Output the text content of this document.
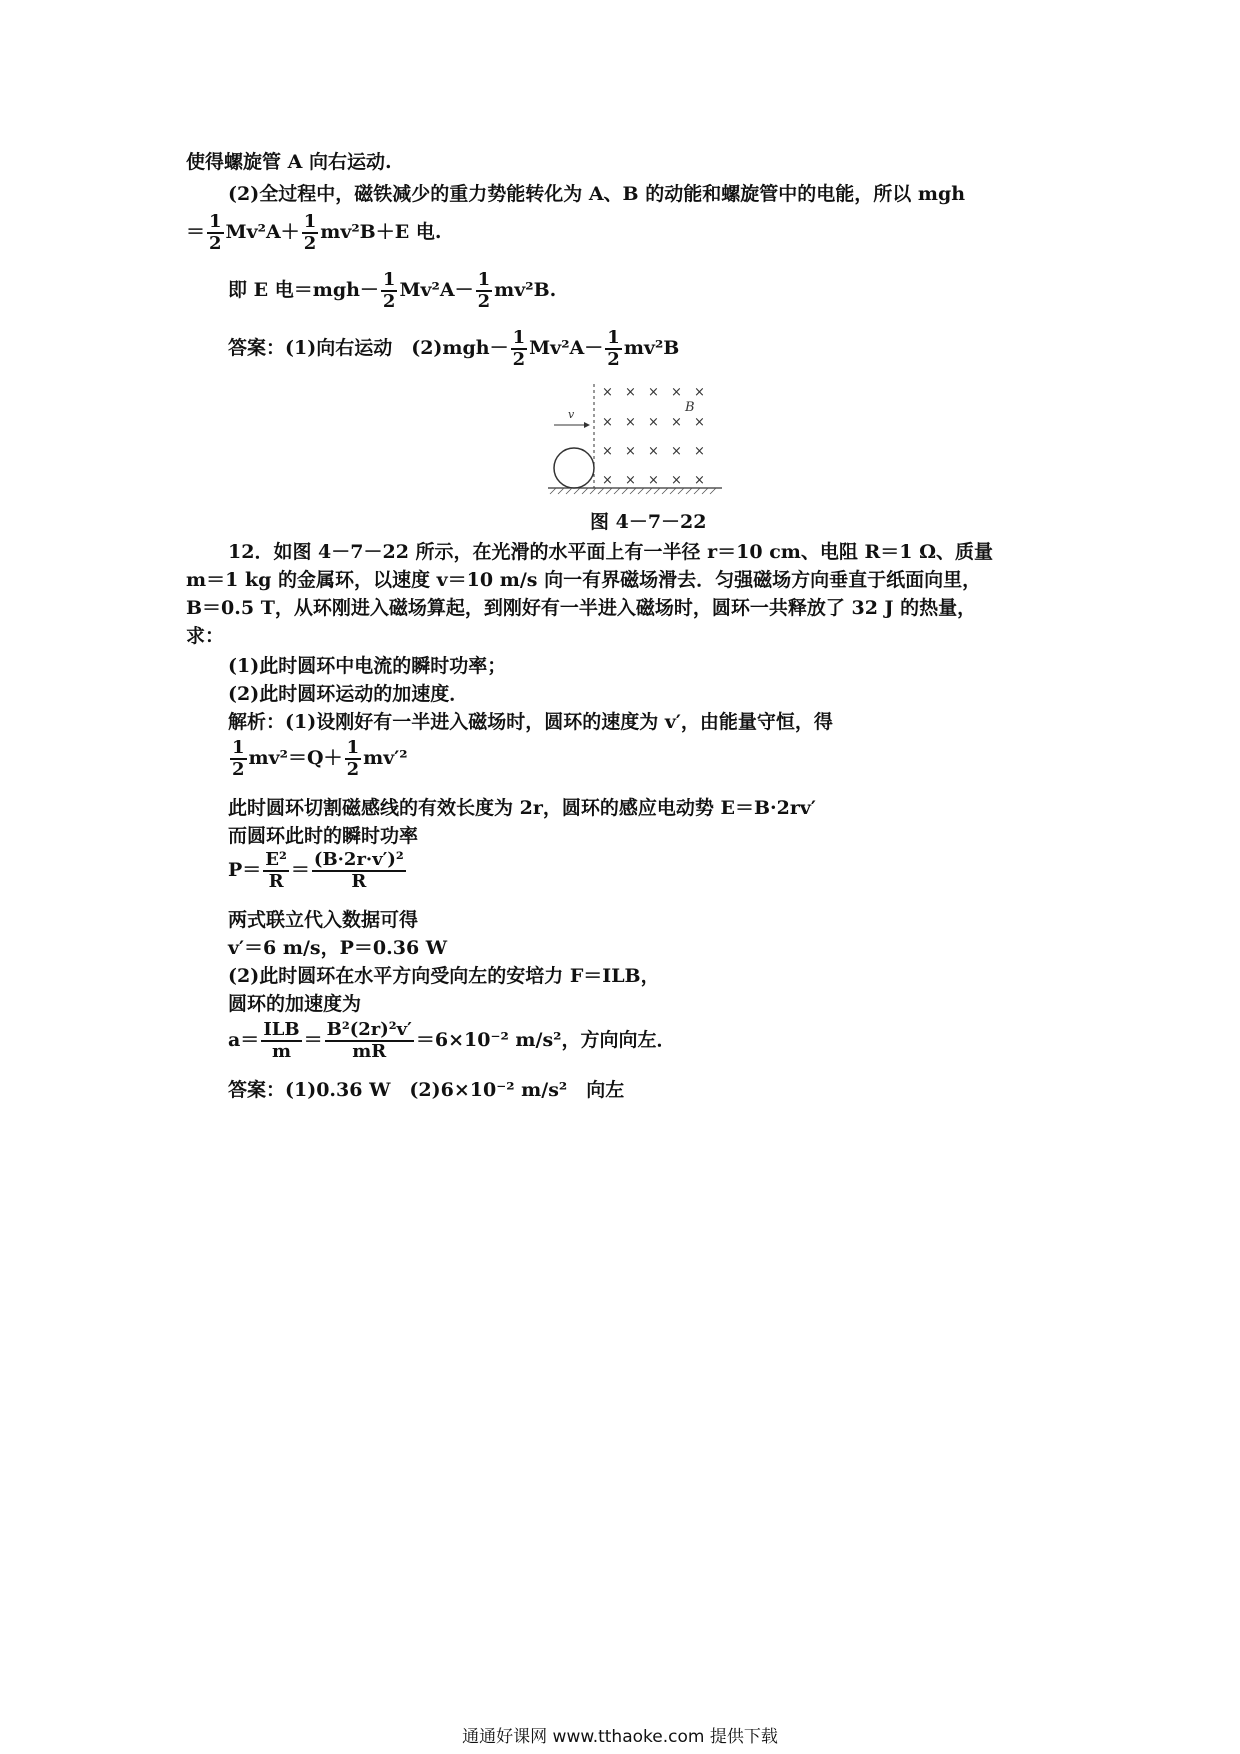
使得螺旋管 A 向右运动.
(2)全过程中，磁铁减少的重力势能转化为 A、B 的动能和螺旋管中的电能，所以 mgh
＝ $\frac{1}{2} Mv^2A+ \frac{1}{2} mv^2B+E$ 电.
即 E 电$=mgh- \frac{1}{2} Mv^2A- \frac{1}{2} mv^2B$.
答案：(1)向右运动　$(2)mgh- \frac{1}{2} Mv^2A- \frac{1}{2} mv^2B$
× × × × ×
× × × × ×
× × × × ×
× × × × ×
B
v
图 4－7－22
12．如图 4－7－22 所示，在光滑的水平面上有一半径 r＝10 cm、电阻 R＝1 Ω、质量
m＝1 kg 的金属环，以速度 v＝10 m/s 向一有界磁场滑去．匀强磁场方向垂直于纸面向里，
B＝0.5 T，从环刚进入磁场算起，到刚好有一半进入磁场时，圆环一共释放了 32 J 的热量，
求：
(1)此时圆环中电流的瞬时功率；
(2)此时圆环运动的加速度．
解析：(1)设刚好有一半进入磁场时，圆环的速度为 v′，由能量守恒，得
$\frac{1}{2} mv^2=Q+ \frac{1}{2} mv'^2$
此时圆环切割磁感线的有效长度为 2r，圆环的感应电动势 E＝B·2rv′
而圆环此时的瞬时功率
$P= \frac{\text{E²}}{R} = \frac{\text{(B·2r·v′)²}}{R}$
两式联立代入数据可得
v′＝6 m/s，P＝0.36 W
(2)此时圆环在水平方向受向左的安培力 F＝ILB，
圆环的加速度为
$a= \frac{\text{ILB}}{m} = \frac{\text{B²(2r)²v′}}{mR} =6\times 10^{-2}$ m/s²，方向向左．
答案：(1)0.36 W　(2)6×10⁻² m/s²　向左
通通好课网 www.tthaoke.com 提供下载
